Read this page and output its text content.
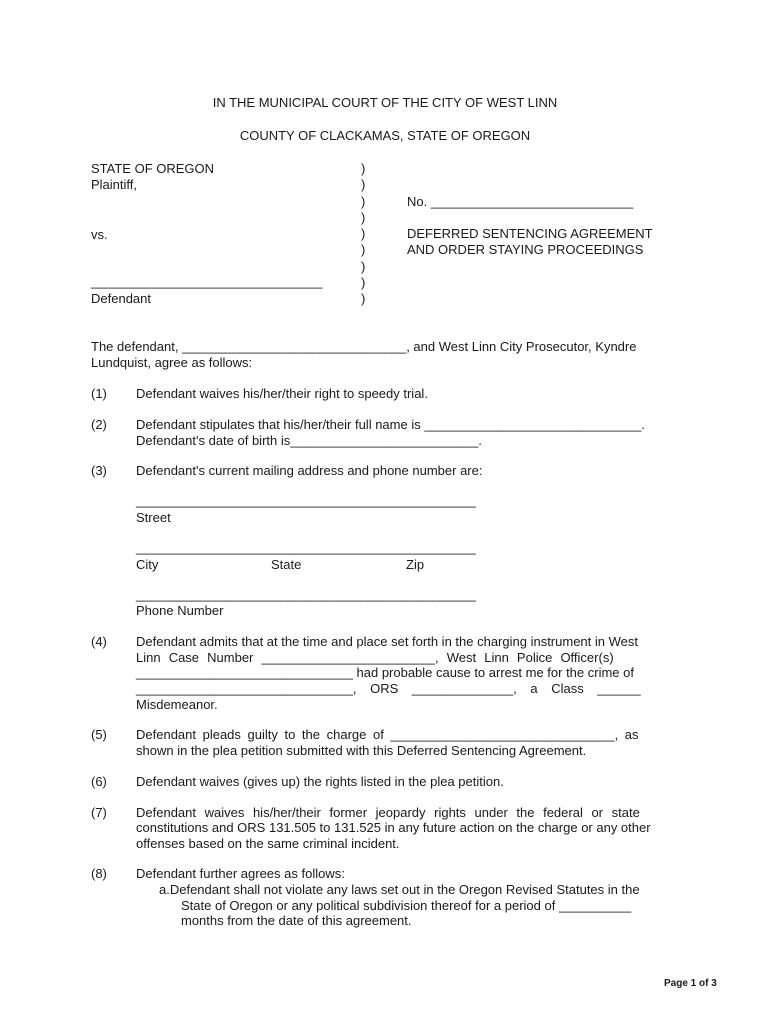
IN THE MUNICIPAL COURT OF THE CITY OF WEST LINN
COUNTY OF CLACKAMAS, STATE OF OREGON
STATE OF OREGON
Plaintiff,
vs.
________________________________
Defendant
)
)
)
)
)
)
)
)
)
No. ____________________________
DEFERRED SENTENCING AGREEMENT
AND ORDER STAYING PROCEEDINGS
The defendant, _______________________________, and West Linn City Prosecutor, Kyndre
Lundquist, agree as follows:
(1) Defendant waives his/her/their right to speedy trial.
(2) Defendant stipulates that his/her/their full name is ______________________________.
Defendant's date of birth is__________________________.
(3) Defendant's current mailing address and phone number are:
_______________________________________________
Street
_______________________________________________
City	State	Zip
_______________________________________________
Phone Number
(4) Defendant admits that at the time and place set forth in the charging instrument in West
Linn Case Number ________________________, West Linn Police Officer(s)
______________________________ had probable cause to arrest me for the crime of
______________________________, ORS ______________, a Class ______
Misdemeanor.
(5) Defendant pleads guilty to the charge of _______________________________, as
shown in the plea petition submitted with this Deferred Sentencing Agreement.
(6) Defendant waives (gives up) the rights listed in the plea petition.
(7) Defendant waives his/her/their former jeopardy rights under the federal or state
constitutions and ORS 131.505 to 131.525 in any future action on the charge or any other
offenses based on the same criminal incident.
(8) Defendant further agrees as follows:
a.Defendant shall not violate any laws set out in the Oregon Revised Statutes in the
State of Oregon or any political subdivision thereof for a period of __________
months from the date of this agreement.
Page 1 of 3
